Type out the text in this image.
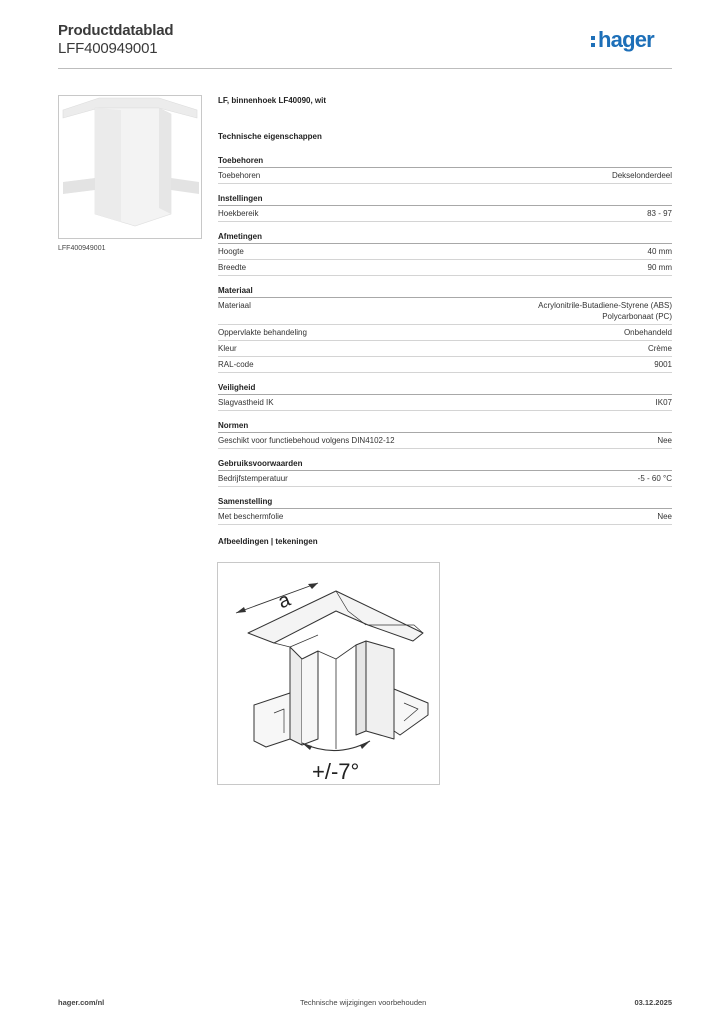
Productdatablad
LFF400949001	hager
LFF400949001
LF, binnenhoek LF40090, wit
Technische eigenschappen
Toebehoren
Toebehoren	Dekselonderdeel
Instellingen
Hoekbereik	83 - 97
Afmetingen
Hoogte	40 mm
Breedte	90 mm
Materiaal
Materiaal	Acrylonitrile-Butadiene-Styrene (ABS)
Polycarbonaat (PC)
Oppervlakte behandeling	Onbehandeld
Kleur	Crème
RAL-code	9001
Veiligheid
Slagvastheid IK	IK07
Normen
Geschikt voor functiebehoud volgens DIN4102-12	Nee
Gebruiksvoorwaarden
Bedrijfstemperatuur	-5 - 60 °C
Samenstelling
Met beschermfolie	Nee
Afbeeldingen | tekeningen
a
+/-7°
hager.com/nl	Technische wijzigingen voorbehouden	03.12.2025
